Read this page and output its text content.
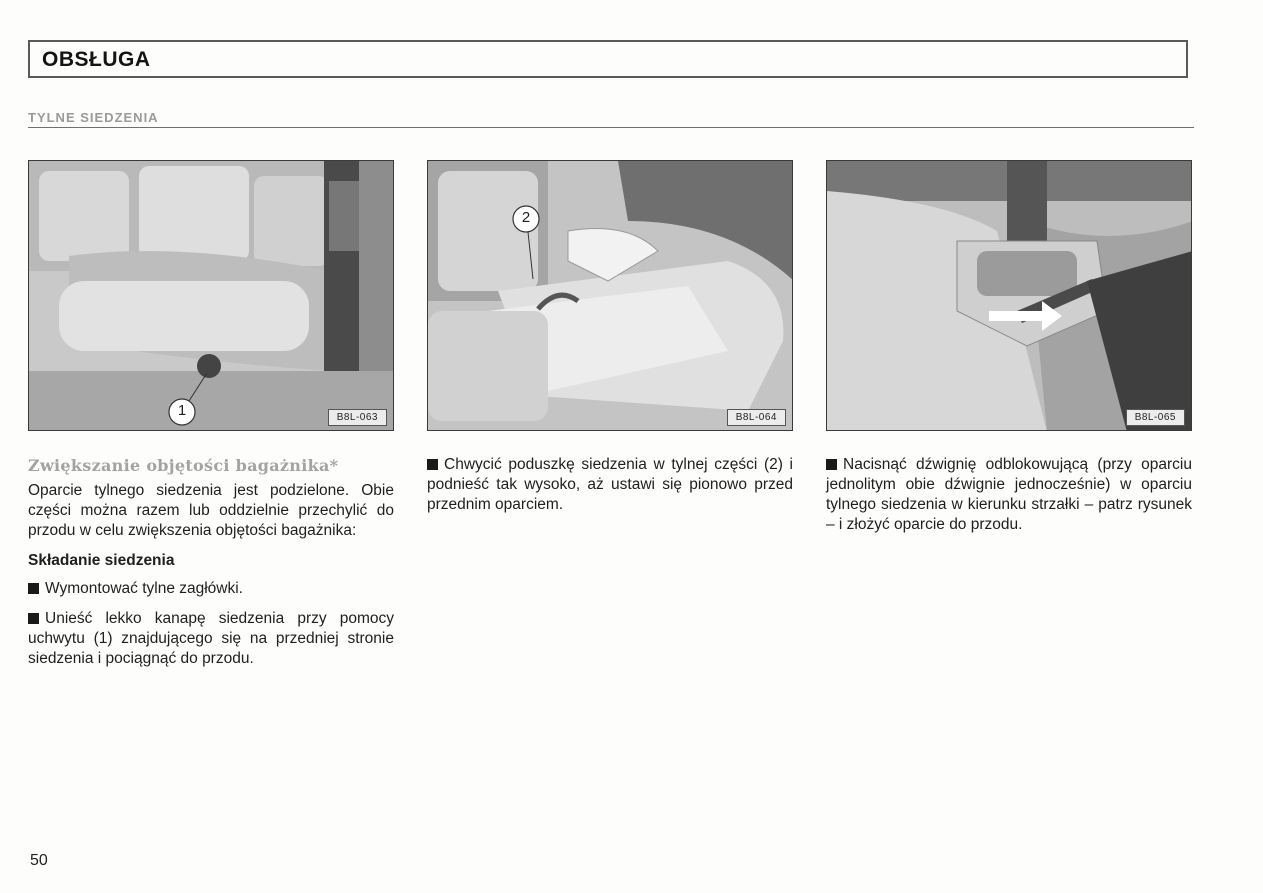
OBSŁUGA
TYLNE SIEDZENIA
1	B8L-063
2
B8L-064	B8L-065
Zwiększanie objętości bagażnika*

Oparcie tylnego siedzenia jest podzielone. Obie części można razem lub oddzielnie przechylić do przodu w celu zwiększenia objętości bagażnika:

Składanie siedzenia

Wymontować tylne zagłówki.

Unieść lekko kanapę siedzenia przy pomocy uchwytu (1) znajdującego się na przedniej stronie siedzenia i pociągnąć do przodu.

Chwycić poduszkę siedzenia w tylnej części (2) i podnieść tak wysoko, aż ustawi się pionowo przed przednim oparciem.

Nacisnąć dźwignię odblokowującą (przy oparciu jednolitym obie dźwignie jednocześnie) w oparciu tylnego siedzenia w kierunku strzałki – patrz rysunek – i złożyć oparcie do przodu.

50
